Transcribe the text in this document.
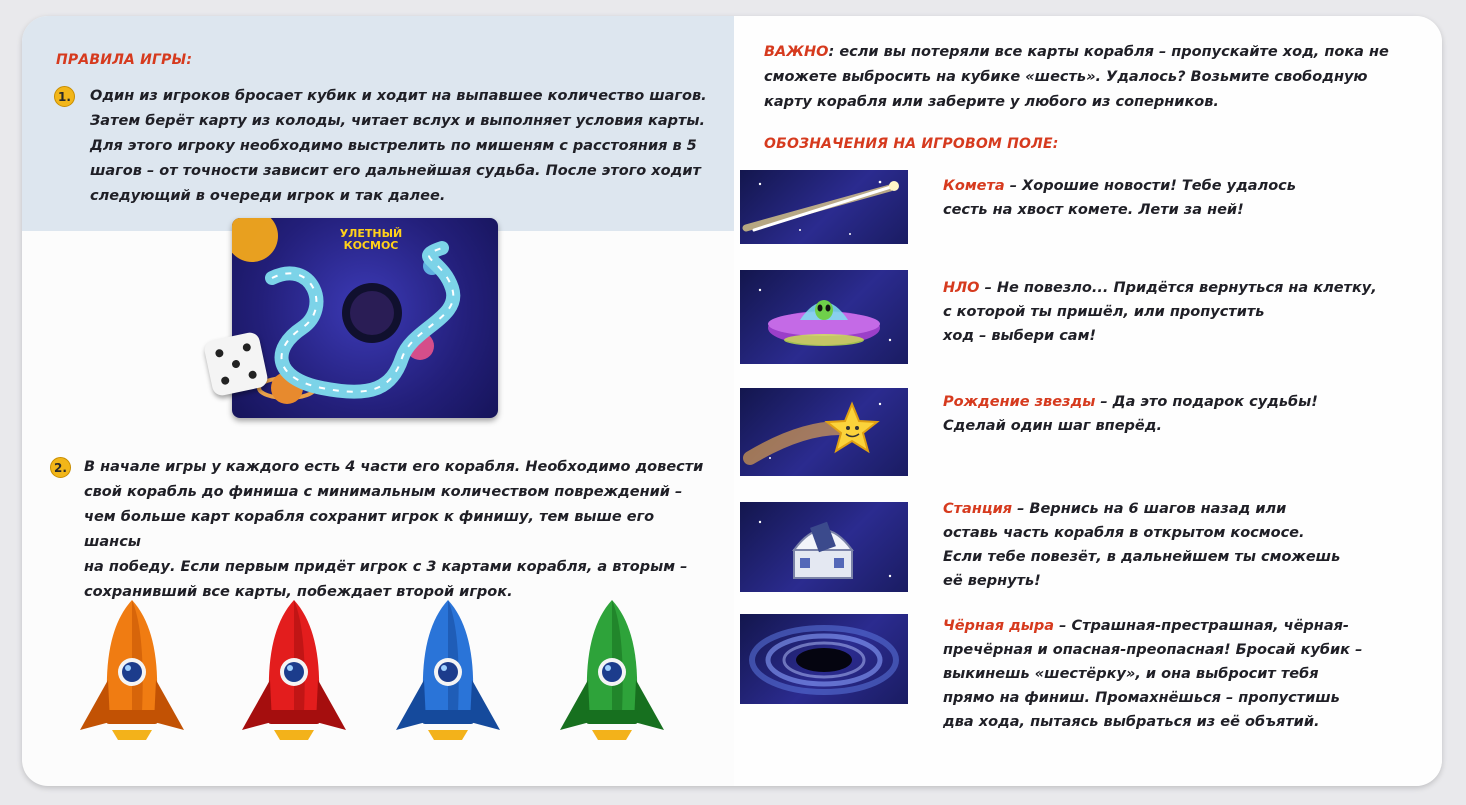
ПРАВИЛА ИГРЫ:
1. Один из игроков бросает кубик и ходит на выпавшее количество шагов.
Затем берёт карту из колоды, читает вслух и выполняет условия карты.
Для этого игроку необходимо выстрелить по мишеням с расстояния в 5
шагов – от точности зависит его дальнейшая судьба. После этого ходит
следующий в очереди игрок и так далее.
УЛЕТНЫЙ КОСМОС
2. В начале игры у каждого есть 4 части его корабля. Необходимо довести
свой корабль до финиша с минимальным количеством повреждений –
чем больше карт корабля сохранит игрок к финишу, тем выше его шансы
на победу. Если первым придёт игрок с 3 картами корабля, а вторым –
сохранивший все карты, побеждает второй игрок.
ВАЖНО: если вы потеряли все карты корабля – пропускайте ход, пока не
сможете выбросить на кубике «шесть». Удалось? Возьмите свободную
карту корабля или заберите у любого из соперников.
ОБОЗНАЧЕНИЯ НА ИГРОВОМ ПОЛЕ:
Комета – Хорошие новости! Тебе удалось
сесть на хвост комете. Лети за ней!
НЛО – Не повезло... Придётся вернуться на клетку,
с которой ты пришёл, или пропустить
ход – выбери сам!
Рождение звезды – Да это подарок судьбы!
Сделай один шаг вперёд.
Станция – Вернись на 6 шагов назад или
оставь часть корабля в открытом космосе.
Если тебе повезёт, в дальнейшем ты сможешь
её вернуть!
Чёрная дыра – Страшная-престрашная, чёрная-
пречёрная и опасная-преопасная! Бросай кубик –
выкинешь «шестёрку», и она выбросит тебя
прямо на финиш. Промахнёшься – пропустишь
два хода, пытаясь выбраться из её объятий.
